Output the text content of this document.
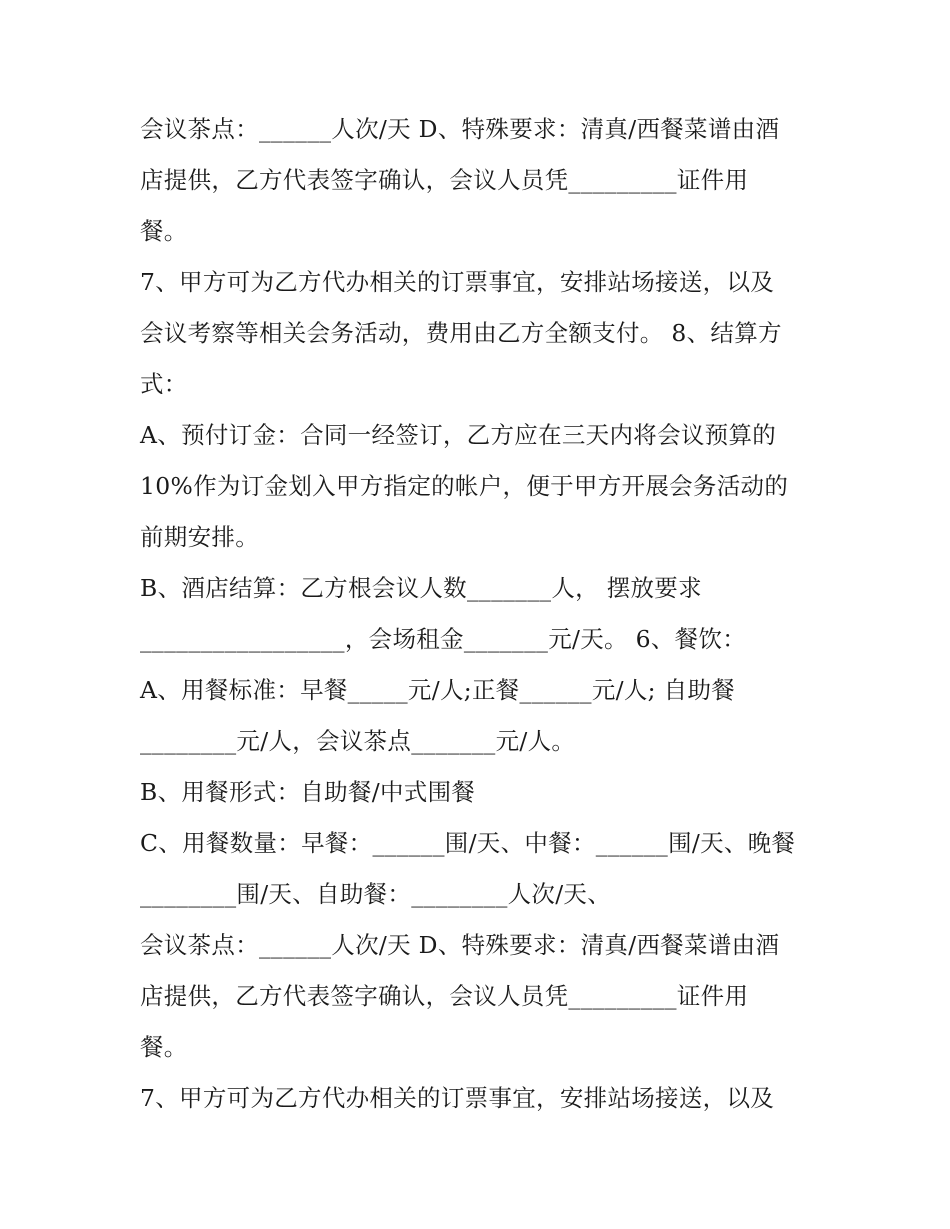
会议茶点：______人次/天 D、特殊要求：清真/西餐菜谱由酒
店提供，乙方代表签字确认，会议人员凭_________证件用
餐。
7、甲方可为乙方代办相关的订票事宜，安排站场接送，以及
会议考察等相关会务活动，费用由乙方全额支付。 8、结算方
式：
A、预付订金：合同一经签订，乙方应在三天内将会议预算的
10%作为订金划入甲方指定的帐户，便于甲方开展会务活动的
前期安排。
B、酒店结算：乙方根会议人数_______人， 摆放要求
_________________，会场租金_______元/天。 6、餐饮：
A、用餐标准：早餐_____元/人;正餐______元/人; 自助餐
________元/人，会议茶点_______元/人。
B、用餐形式：自助餐/中式围餐
C、用餐数量：早餐：______围/天、中餐：______围/天、晚餐
________围/天、自助餐：________人次/天、
会议茶点：______人次/天 D、特殊要求：清真/西餐菜谱由酒
店提供，乙方代表签字确认，会议人员凭_________证件用
餐。
7、甲方可为乙方代办相关的订票事宜，安排站场接送，以及
